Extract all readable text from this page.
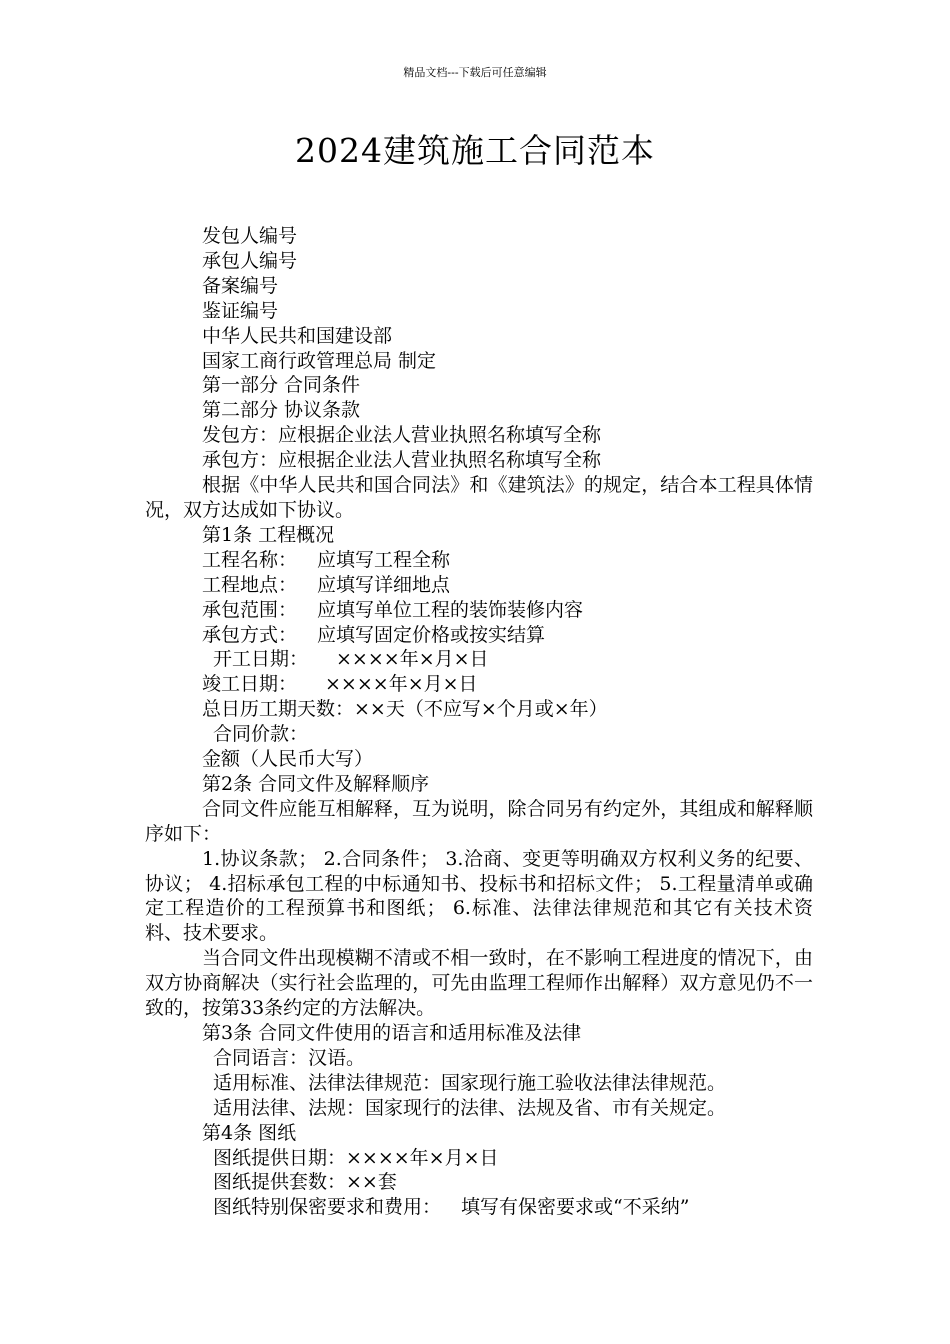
精品文档---下载后可任意编辑
2024建筑施工合同范本

发包人编号

承包人编号

备案编号

鉴证编号

中华人民共和国建设部

国家工商行政管理总局 制定

第一部分 合同条件

第二部分 协议条款

发包方：应根据企业法人营业执照名称填写全称

承包方：应根据企业法人营业执照名称填写全称

根据《中华人民共和国合同法》和《建筑法》的规定，结合本工程具体情况，双方达成如下协议。

第1条 工程概况

工程名称： 应填写工程全称

工程地点： 应填写详细地点

承包范围： 应填写单位工程的装饰装修内容

承包方式： 应填写固定价格或按实结算

开工日期： ××××年×月×日

竣工日期： ××××年×月×日

总日历工期天数：××天（不应写×个月或×年）

合同价款：

金额（人民币大写）

第2条 合同文件及解释顺序

合同文件应能互相解释，互为说明，除合同另有约定外，其组成和解释顺序如下：

1.协议条款； 2.合同条件； 3.洽商、变更等明确双方权利义务的纪要、协议； 4.招标承包工程的中标通知书、投标书和招标文件； 5.工程量清单或确定工程造价的工程预算书和图纸； 6.标准、法律法律规范和其它有关技术资料、技术要求。

当合同文件出现模糊不清或不相一致时，在不影响工程进度的情况下，由双方协商解决（实行社会监理的，可先由监理工程师作出解释）双方意见仍不一致的，按第33条约定的方法解决。

第3条 合同文件使用的语言和适用标准及法律

合同语言：汉语。

适用标准、法律法律规范：国家现行施工验收法律法律规范。

适用法律、法规：国家现行的法律、法规及省、市有关规定。

第4条 图纸

图纸提供日期：××××年×月×日

图纸提供套数：××套

图纸特别保密要求和费用： 填写有保密要求或“不采纳”
